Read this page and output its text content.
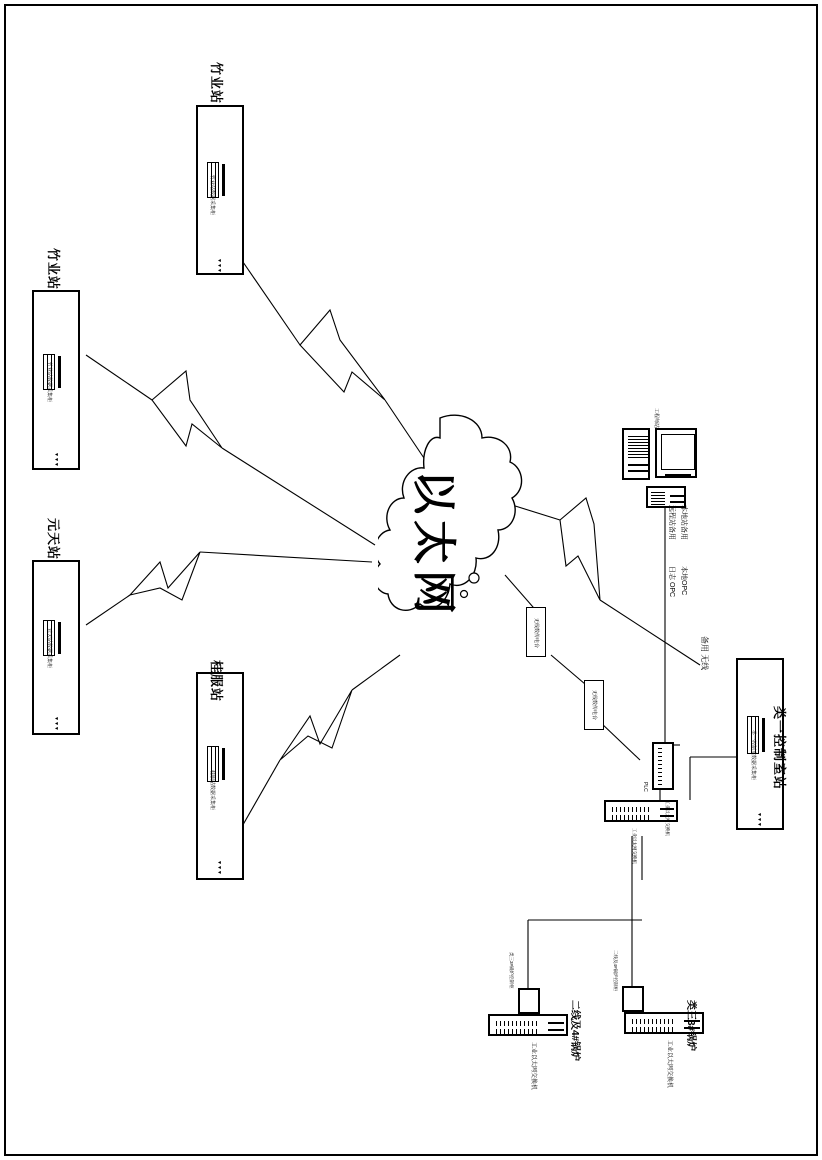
竹业站
竹业站数据采集柜
▼▼▼
竹业站
竹业站数据采集柜
▼▼▼
元天站
元天站数据采集柜
▼▼▼
桂服站
桂服站数据采集柜
▼▼▼
以太网
工程师站
本地站备用
远程站备用
本地OPC
日志 OPC
备用 无线
无线数传电台
无线数传电台
类一控制室站
类一控制室数据采集柜
▼▼▼
PLC
工业以太网交换机
工业以太网交换机
二线及4#锅炉控制柜
工业以太网交换机
二线及4#锅炉
类三3#锅炉控制柜
工业以太网交换机
类三3#锅炉
